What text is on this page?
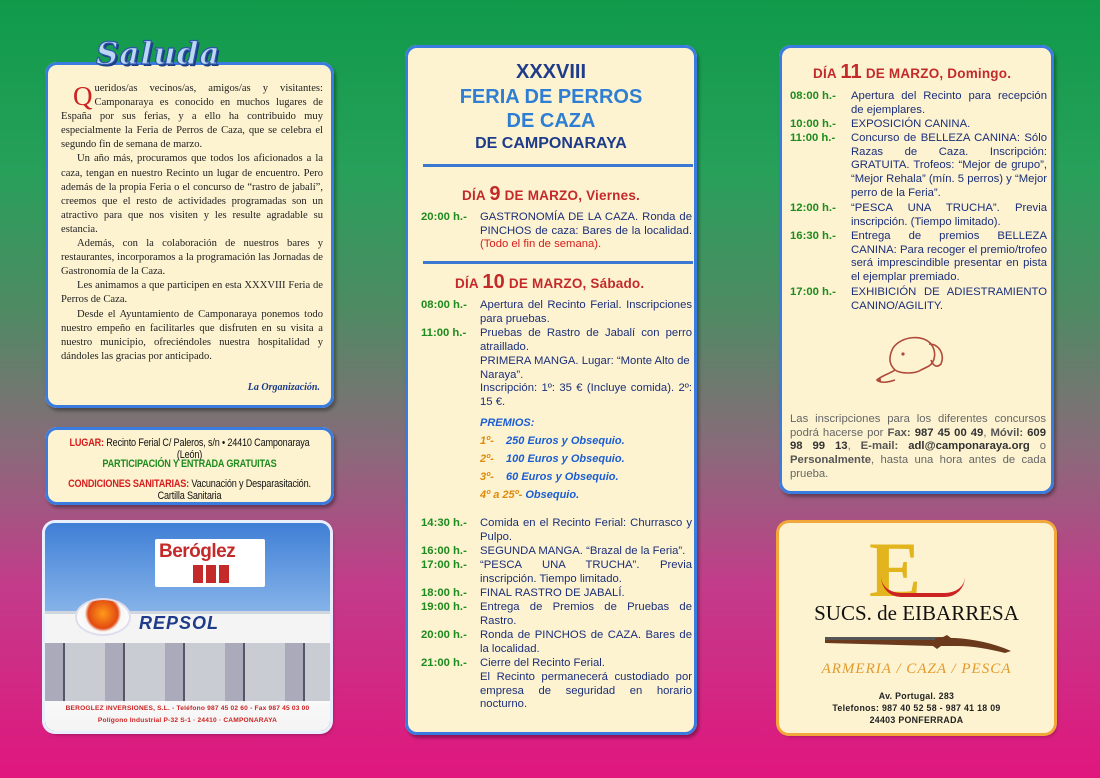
Queridos/as vecinos/as, amigos/as y visitantes: Camponaraya es conocido en muchos lugares de España por sus ferias, y a ello ha contribuido muy especialmente la Feria de Perros de Caza, que se celebra el segundo fin de semana de marzo.

Un año más, procuramos que todos los aficionados a la caza, tengan en nuestro Recinto un lugar de encuentro. Pero además de la propia Feria o el concurso de “rastro de jabalí”, creemos que el resto de actividades programadas son un atractivo para que nos visiten y les resulte agradable su estancia.

Además, con la colaboración de nuestros bares y restaurantes, incorporamos a la programación las Jornadas de Gastronomía de la Caza.

Les animamos a que participen en esta XXXVIII Feria de Perros de Caza.

Desde el Ayuntamiento de Camponaraya ponemos todo nuestro empeño en facilitarles que disfruten en su visita a nuestro municipio, ofreciéndoles nuestra hospitalidad y dándoles las gracias por anticipado.

La Organización.
Saluda
LUGAR: Recinto Ferial C/ Paleros, s/n • 24410 Camponaraya (León)
PARTICIPACIÓN Y ENTRADA GRATUITAS
CONDICIONES SANITARIAS: Vacunación y Desparasitación. Cartilla Sanitaria
Beróglez
REPSOL
BEROGLEZ INVERSIONES, S.L. - Teléfono 987 45 02 60 - Fax 987 45 03 00
Polígono Industrial P-32 S-1 · 24410 · CAMPONARAYA
XXXVIII
FERIA DE PERROS
DE CAZA
DE CAMPONARAYA
DÍA 9 DE MARZO, Viernes.
20:00 h.- GASTRONOMÍA DE LA CAZA. Ronda de PINCHOS de caza: Bares de la localidad. (Todo el fin de semana).
DÍA 10 DE MARZO, Sábado.
08:00 h.- Apertura del Recinto Ferial. Inscripciones para pruebas.
11:00 h.- Pruebas de Rastro de Jabalí con perro atraillado.
PRIMERA MANGA. Lugar: “Monte Alto de Naraya”.
Inscripción: 1º: 35 € (Incluye comida). 2º: 15 €.
PREMIOS:
1º- 250 Euros y Obsequio.
2º- 100 Euros y Obsequio.
3º- 60 Euros y Obsequio.
4º a 25º- Obsequio.
14:30 h.- Comida en el Recinto Ferial: Churrasco y Pulpo.
16:00 h.- SEGUNDA MANGA. “Brazal de la Feria”.
17:00 h.- “PESCA UNA TRUCHA”. Previa inscripción. Tiempo limitado.
18:00 h.- FINAL RASTRO DE JABALÍ.
19:00 h.- Entrega de Premios de Pruebas de Rastro.
20:00 h.- Ronda de PINCHOS de CAZA. Bares de la localidad.
21:00 h.- Cierre del Recinto Ferial.
El Recinto permanecerá custodiado por empresa de seguridad en horario nocturno.
DÍA 11 DE MARZO, Domingo.
08:00 h.- Apertura del Recinto para recepción de ejemplares.
10:00 h.- EXPOSICIÓN CANINA.
11:00 h.- Concurso de BELLEZA CANINA: Sólo Razas de Caza. Inscripción: GRATUITA. Trofeos: “Mejor de grupo”, “Mejor Rehala” (mín. 5 perros) y “Mejor perro de la Feria”.
12:00 h.- “PESCA UNA TRUCHA”. Previa inscripción. (Tiempo limitado).
16:30 h.- Entrega de premios BELLEZA CANINA: Para recoger el premio/trofeo será imprescindible presentar en pista el ejemplar premiado.
17:00 h.- EXHIBICIÓN DE ADIESTRAMIENTO CANINO/AGILITY.
Las inscripciones para los diferentes concursos podrá hacerse por Fax: 987 45 00 49, Móvil: 609 98 99 13, E-mail: adl@camponaraya.org o Personalmente, hasta una hora antes de cada prueba.
E
SUCS. de EIBARRESA
ARMERIA / CAZA / PESCA
Av. Portugal. 283
Telefonos: 987 40 52 58 - 987 41 18 09
24403 PONFERRADA
